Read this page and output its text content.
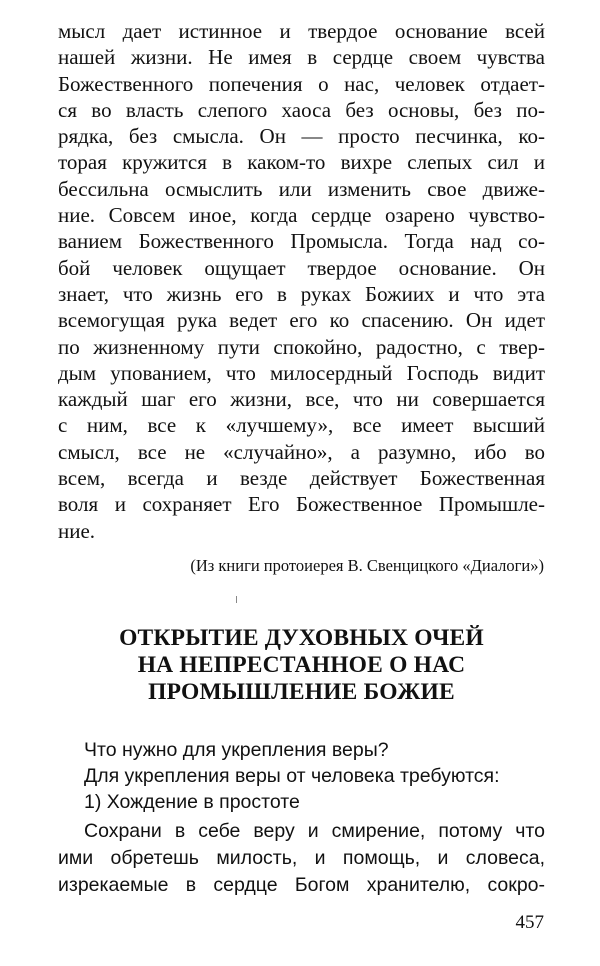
мысл дает истинное и твердое основание всей
нашей жизни. Не имея в сердце своем чувства
Божественного попечения о нас, человек отдает-
ся во власть слепого хаоса без основы, без по-
рядка, без смысла. Он — просто песчинка, ко-
торая кружится в каком-то вихре слепых сил и
бессильна осмыслить или изменить свое движе-
ние. Совсем иное, когда сердце озарено чувство-
ванием Божественного Промысла. Тогда над со-
бой человек ощущает твердое основание. Он
знает, что жизнь его в руках Божиих и что эта
всемогущая рука ведет его ко спасению. Он идет
по жизненному пути спокойно, радостно, с твер-
дым упованием, что милосердный Господь видит
каждый шаг его жизни, все, что ни совершается
с ним, все к «лучшему», все имеет высший
смысл, все не «случайно», а разумно, ибо во
всем, всегда и везде действует Божественная
воля и сохраняет Его Божественное Промышле-
ние.

(Из книги протоиерея В. Свенцицкого «Диалоги»)

ОТКРЫТИЕ ДУХОВНЫХ ОЧЕЙ
НА НЕПРЕСТАННОЕ О НАС
ПРОМЫШЛЕНИЕ БОЖИЕ

Что нужно для укрепления веры?

Для укрепления веры от человека требуются:

1) Хождение в простоте

Сохрани в себе веру и смирение, потому что
ими обретешь милость, и помощь, и словеса,
изрекаемые в сердце Богом хранителю, сокро-

457
